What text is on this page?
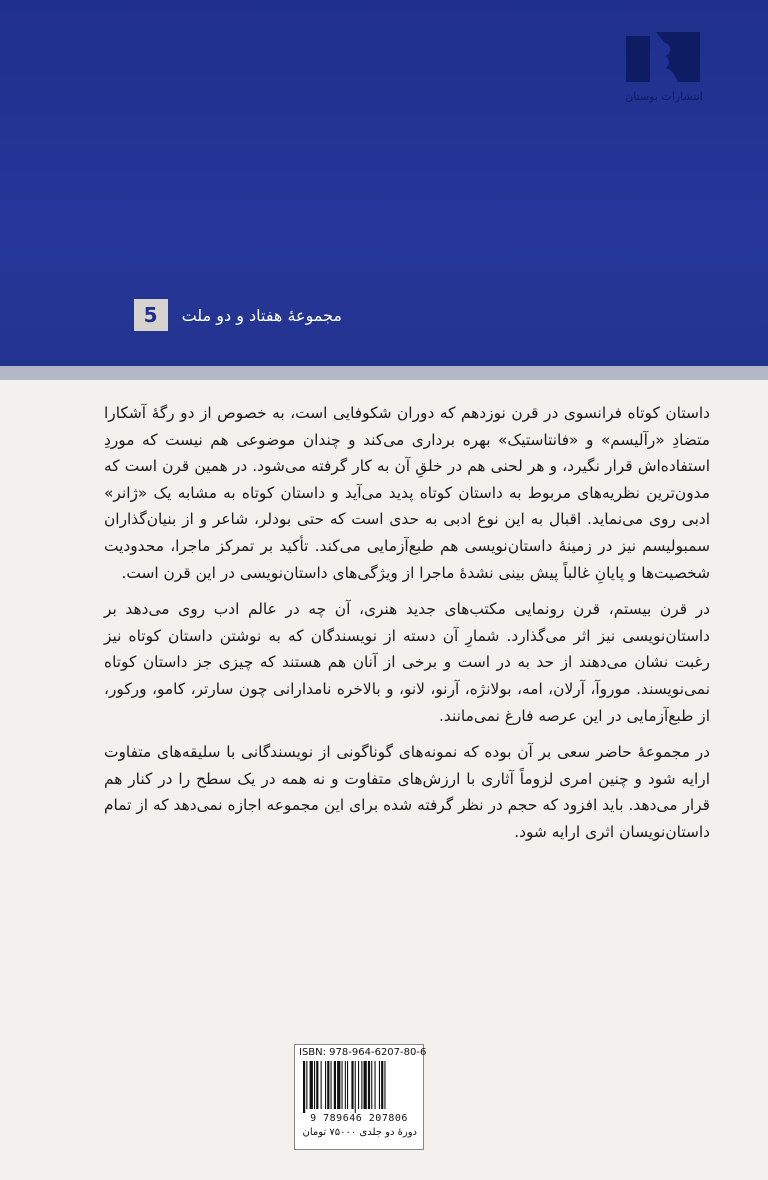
انتشارات بوستان
5	مجموعهٔ هفتاد و دو ملت

داستان کوتاه فرانسوی در قرن نوزدهم که دوران شکوفایی است، به خصوص از دو رگهٔ آشکارا متضادِ «رآلیسم» و «فانتاستیک» بهره برداری می‌کند و چندان موضوعی هم نیست که موردِ استفاده‌اش قرار نگیرد، و هر لحنی هم در خلقِ آن به کار گرفته می‌شود. در همین قرن است که مدون‌ترین نظریه‌های مربوط به داستان کوتاه پدید می‌آید و داستان کوتاه به مشابه یک «ژانر» ادبی روی می‌نماید. اقبال به این نوع ادبی به حدی است که حتی بودلر، شاعر و از بنیان‌گذاران سمبولیسم نیز در زمینهٔ داستان‌نویسی هم طبع‌آزمایی می‌کند. تأکید بر تمرکز ماجرا، محدودیت شخصیت‌ها و پایانِ غالباً پیش بینی نشدهٔ ماجرا از ویژگی‌های داستان‌نویسی در این قرن است.

در قرن بیستم، قرن رونمایی مکتب‌های جدید هنری، آن چه در عالم ادب روی می‌دهد بر داستان‌نویسی نیز اثر می‌گذارد. شمارِ آن دسته از نویسندگان که به نوشتن داستان کوتاه نیز رغبت نشان می‌دهند از حد به در است و برخی از آنان هم هستند که چیزی جز داستان کوتاه نمی‌نویسند. موروآ، آرلان، امه، بولانژه، آرنو، لانو، و بالاخره نامدارانی چون سارتر، کامو، ورکور، از طبع‌آزمایی در این عرصه فارغ نمی‌مانند.

در مجموعهٔ حاضر سعی بر آن بوده که نمونه‌های گوناگونی از نویسندگانی با سلیقه‌های متفاوت ارایه شود و چنین امری لزوماً آثاری با ارزش‌های متفاوت و نه همه در یک سطح را در کنار هم قرار می‌دهد. باید افزود که حجم در نظر گرفته شده برای این مجموعه اجازه نمی‌دهد که از تمام داستان‌نویسان اثری ارایه شود.

ISBN: 978-964-6207-80-6
9 789646 207806
دورهٔ دو جلدی ۷۵۰۰۰ تومان
